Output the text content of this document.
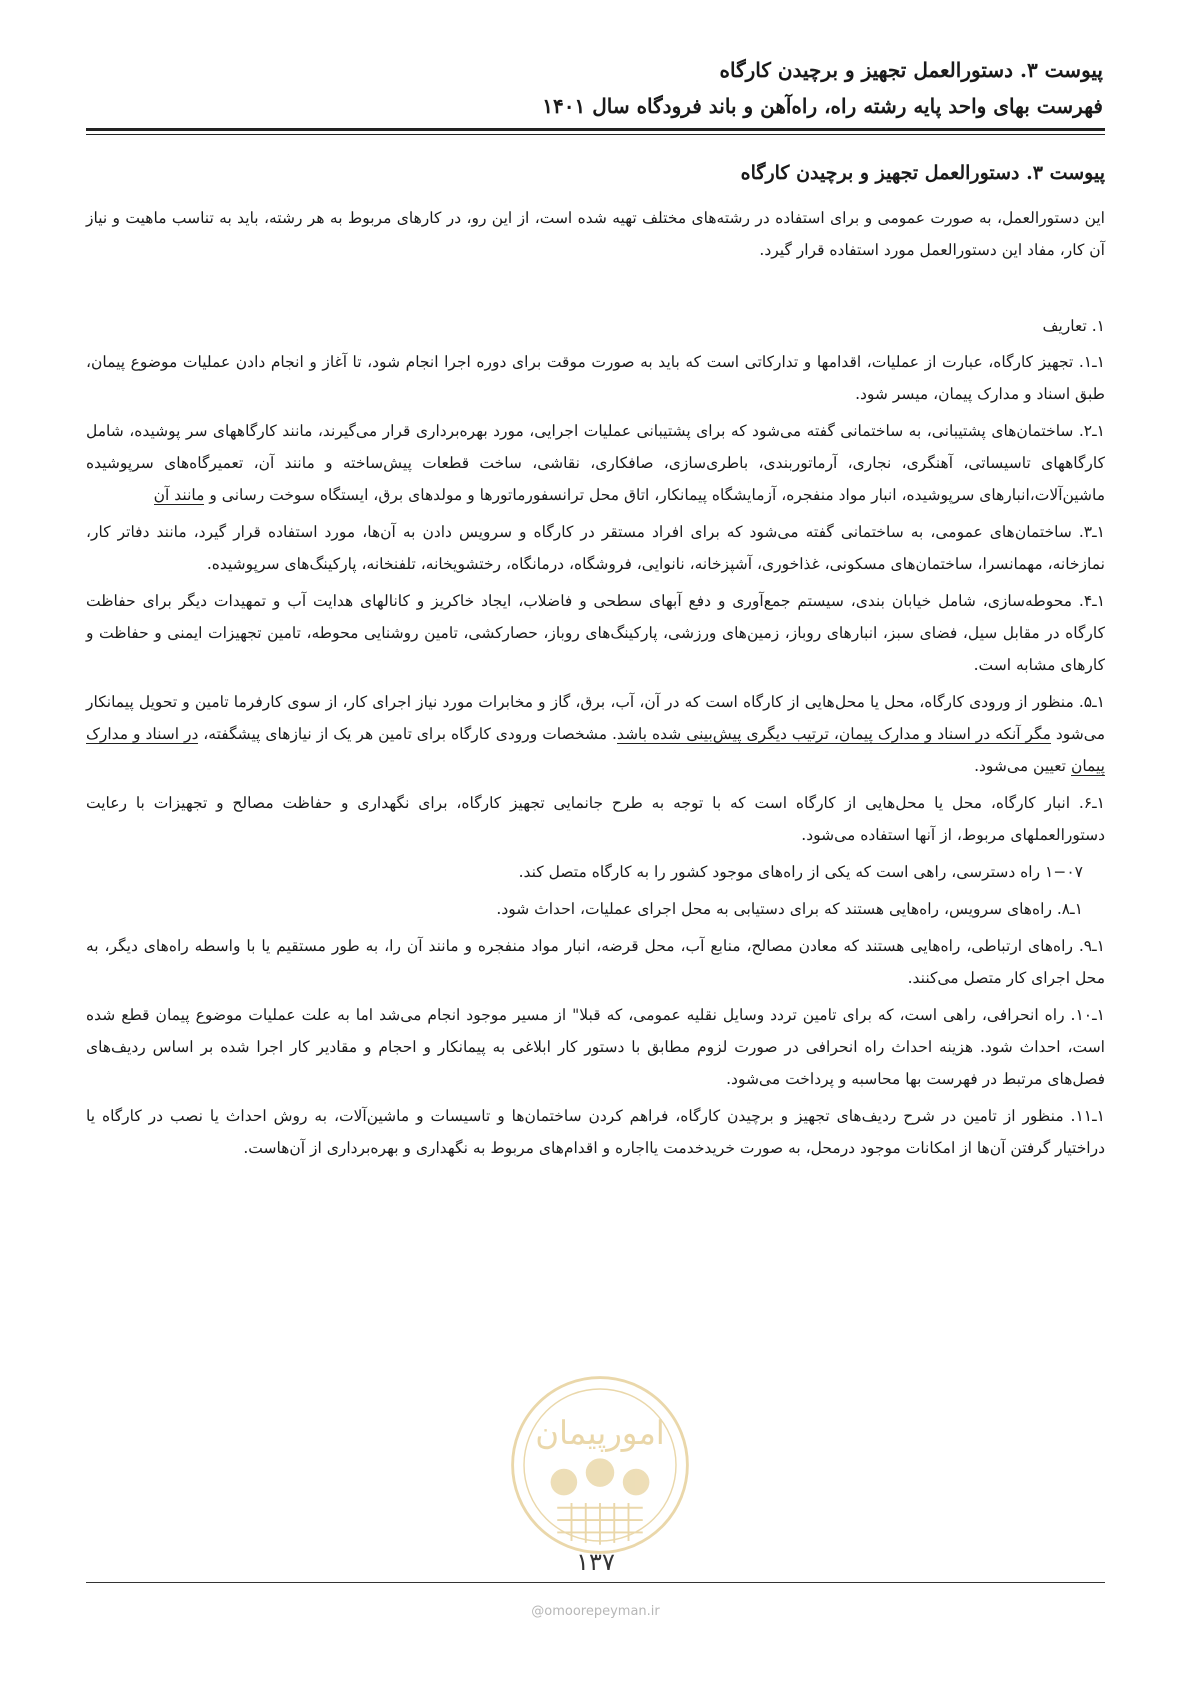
پیوست ۳. دستورالعمل تجهیز و برچیدن کارگاه

فهرست بهای واحد پایه رشته راه، راه‌آهن و باند فرودگاه سال ۱۴۰۱

پیوست ۳. دستورالعمل تجهیز و برچیدن کارگاه

این دستورالعمل، به صورت عمومی و برای استفاده در رشته‌های مختلف تهیه شده است، از این رو، در کارهای مربوط به هر رشته، باید به تناسب ماهیت و نیاز آن کار، مفاد این دستورالعمل مورد استفاده قرار گیرد.

۱. تعاریف

۱ـ۱. تجهیز کارگاه، عبارت از عملیات، اقدامها و تدارکاتی است که باید به صورت موقت برای دوره اجرا انجام شود، تا آغاز و انجام دادن عملیات موضوع پیمان، طبق اسناد و مدارک پیمان، میسر شود.

۱ـ۲. ساختمان‌های پشتیبانی، به ساختمانی گفته می‌شود که برای پشتیبانی عملیات اجرایی، مورد بهره‌برداری قرار می‌گیرند، مانند کارگاههای سر پوشیده، شامل کارگاههای تاسیساتی، آهنگری، نجاری، آرماتوربندی، باطری‌سازی، صافکاری، نقاشی، ساخت قطعات پیش‌ساخته و مانند آن، تعمیرگاه‌های سرپوشیده ماشین‌آلات،انبارهای سرپوشیده، انبار مواد منفجره، آزمایشگاه پیمانکار، اتاق محل ترانسفورماتورها و مولدهای برق، ایستگاه سوخت رسانی و مانند آن

۱ـ۳. ساختمان‌های عمومی، به ساختمانی گفته می‌شود که برای افراد مستقر در کارگاه و سرویس دادن به آن‌ها، مورد استفاده قرار گیرد، مانند دفاتر کار، نمازخانه، مهمانسرا، ساختمان‌های مسکونی، غذاخوری، آشپزخانه، نانوایی، فروشگاه، درمانگاه، رختشویخانه، تلفنخانه، پارکینگ‌های سرپوشیده.

۱ـ۴. محوطه‌سازی، شامل خیابان بندی، سیستم جمع‌آوری و دفع آبهای سطحی و فاضلاب، ایجاد خاکریز و کانالهای هدایت آب و تمهیدات دیگر برای حفاظت کارگاه در مقابل سیل، فضای سبز، انبارهای روباز، زمین‌های ورزشی، پارکینگ‌های روباز، حصارکشی، تامین روشنایی محوطه، تامین تجهیزات ایمنی و حفاظت و کارهای مشابه است.

۱ـ۵. منظور از ورودی کارگاه، محل یا محل‌هایی از کارگاه است که در آن، آب، برق، گاز و مخابرات مورد نیاز اجرای کار، از سوی کارفرما تامین و تحویل پیمانکار می‌شود مگر آنکه در اسناد و مدارک پیمان، ترتیب دیگری پیش‌بینی شده باشد. مشخصات ورودی کارگاه برای تامین هر یک از نیازهای پیشگفته، در اسناد و مدارک پیمان تعیین می‌شود.

۱ـ۶. انبار کارگاه، محل یا محل‌هایی از کارگاه است که با توجه به طرح جانمایی تجهیز کارگاه، برای نگهداری و حفاظت مصالح و تجهیزات با رعایت دستورالعملهای مربوط، از آنها استفاده می‌شود.

۱−۰۷ راه دسترسی، راهی است که یکی از راه‌های موجود کشور را به کارگاه متصل کند.

۱ـ۸. راه‌های سرویس، راه‌هایی هستند که برای دستیابی به محل اجرای عملیات، احداث شود.

۱ـ۹. راه‌های ارتباطی، راه‌هایی هستند که معادن مصالح، منابع آب، محل قرضه، انبار مواد منفجره و مانند آن را، به طور مستقیم یا با واسطه راه‌های دیگر، به محل اجرای کار متصل می‌کنند.

۱ـ۱۰. راه انحرافی، راهی است، که برای تامین تردد وسایل نقلیه عمومی، که قبلا" از مسیر موجود انجام می‌شد اما به علت عملیات موضوع پیمان قطع شده است، احداث شود. هزینه احداث راه انحرافی در صورت لزوم مطابق با دستور کار ابلاغی به پیمانکار و احجام و مقادیر کار اجرا شده بر اساس ردیف‌های فصل‌های مرتبط در فهرست بها محاسبه و پرداخت می‌شود.

۱ـ۱۱. منظور از تامین در شرح ردیف‌های تجهیز و برچیدن کارگاه، فراهم کردن ساختمان‌ها و تاسیسات و ماشین‌آلات، به روش احداث یا نصب در کارگاه یا دراختیار گرفتن آن‌ها از امکانات موجود درمحل، به صورت خریدخدمت یااجاره و اقدام‌های مربوط به نگهداری و بهره‌برداری از آن‌هاست.

امورپیمان
۱۳۷
@omoorepeyman.ir
